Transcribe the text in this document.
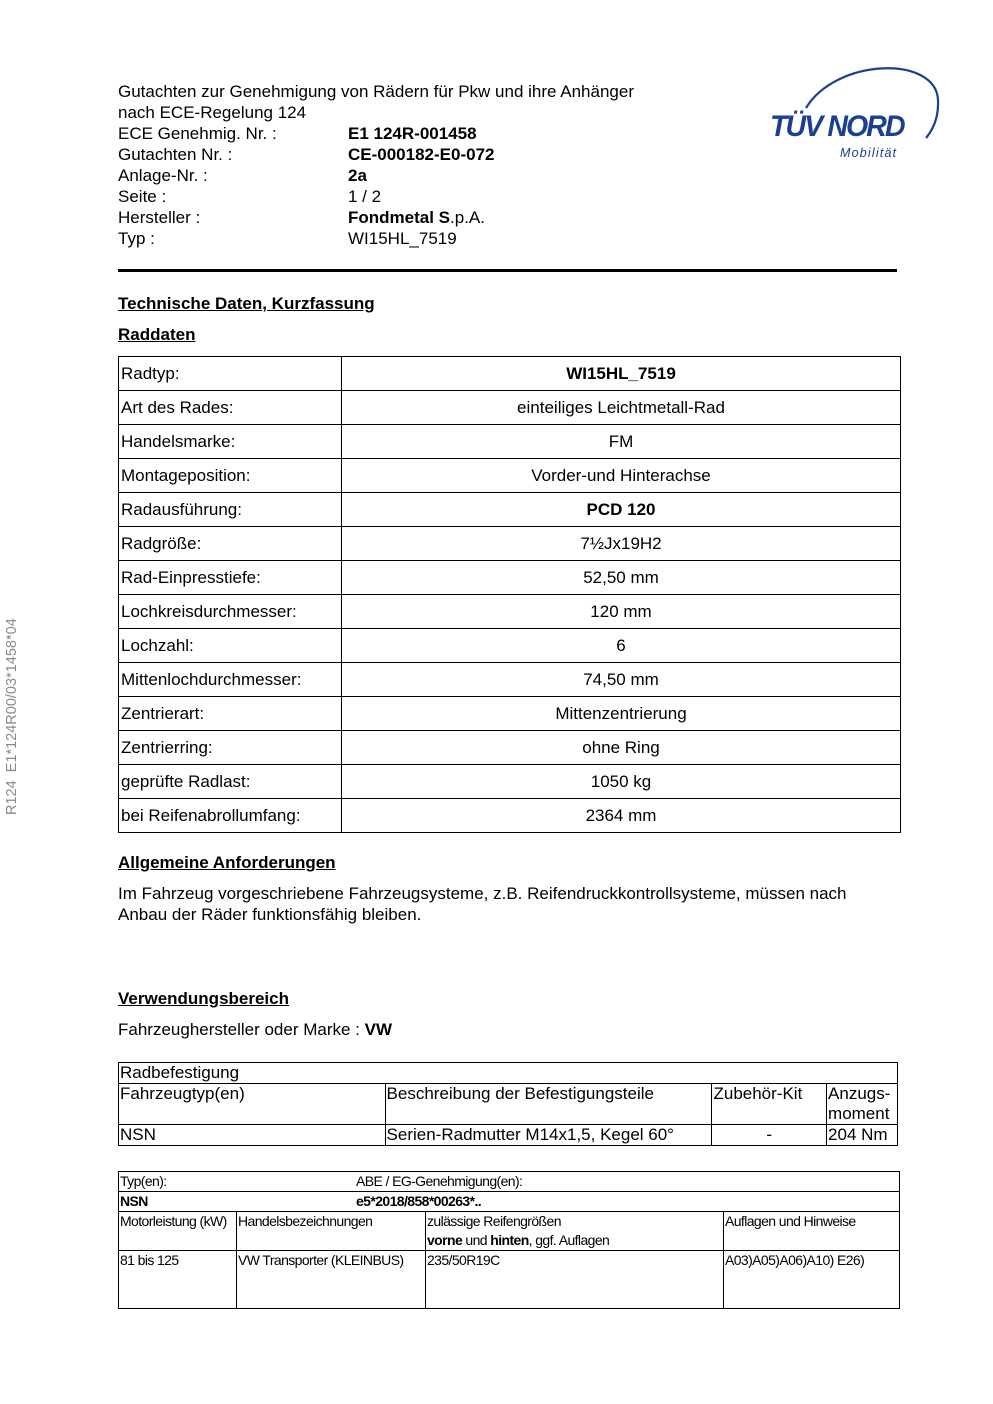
R124  E1*124R00/03*1458*04
Gutachten zur Genehmigung von Rädern für Pkw und ihre Anhänger
nach ECE-Regelung 124
ECE Genehmig. Nr. :	E1 124R-001458
Gutachten Nr. :	CE-000182-E0-072
Anlage-Nr. :	2a
Seite :	1 / 2
Hersteller :	Fondmetal S.p.A.
Typ :	WI15HL_7519
TÜV NORD
Mobilität
Technische Daten, Kurzfassung
Raddaten
Radtyp:	WI15HL_7519
Art des Rades:	einteiliges Leichtmetall-Rad
Handelsmarke:	FM
Montageposition:	Vorder-und Hinterachse
Radausführung:	PCD 120
Radgröße:	7½Jx19H2
Rad-Einpresstiefe:	52,50 mm
Lochkreisdurchmesser:	120 mm
Lochzahl:	6
Mittenlochdurchmesser:	74,50 mm
Zentrierart:	Mittenzentrierung
Zentrierring:	ohne Ring
geprüfte Radlast:	1050 kg
bei Reifenabrollumfang:	2364 mm
Allgemeine Anforderungen
Im Fahrzeug vorgeschriebene Fahrzeugsysteme, z.B. Reifendruckkontrollsysteme, müssen nach Anbau der Räder funktionsfähig bleiben.
Verwendungsbereich
Fahrzeughersteller oder Marke : VW
Radbefestigung			
Fahrzeugtyp(en)	Beschreibung der Befestigungsteile	Zubehör-Kit	Anzugs-moment
NSN	Serien-Radmutter M14x1,5, Kegel 60°	-	204 Nm
Typ(en): ABE / EG-Genehmigung(en):			

NSN e5*2018/858*00263*..			

Motorleistung (kW)	Handelsbezeichnungen	zulässige Reifengrößen
vorne und hinten, ggf. Auflagen	Auflagen und Hinweise
81 bis 125	VW Transporter (KLEINBUS)	235/50R19C	A03)A05)A06)A10) E26)
